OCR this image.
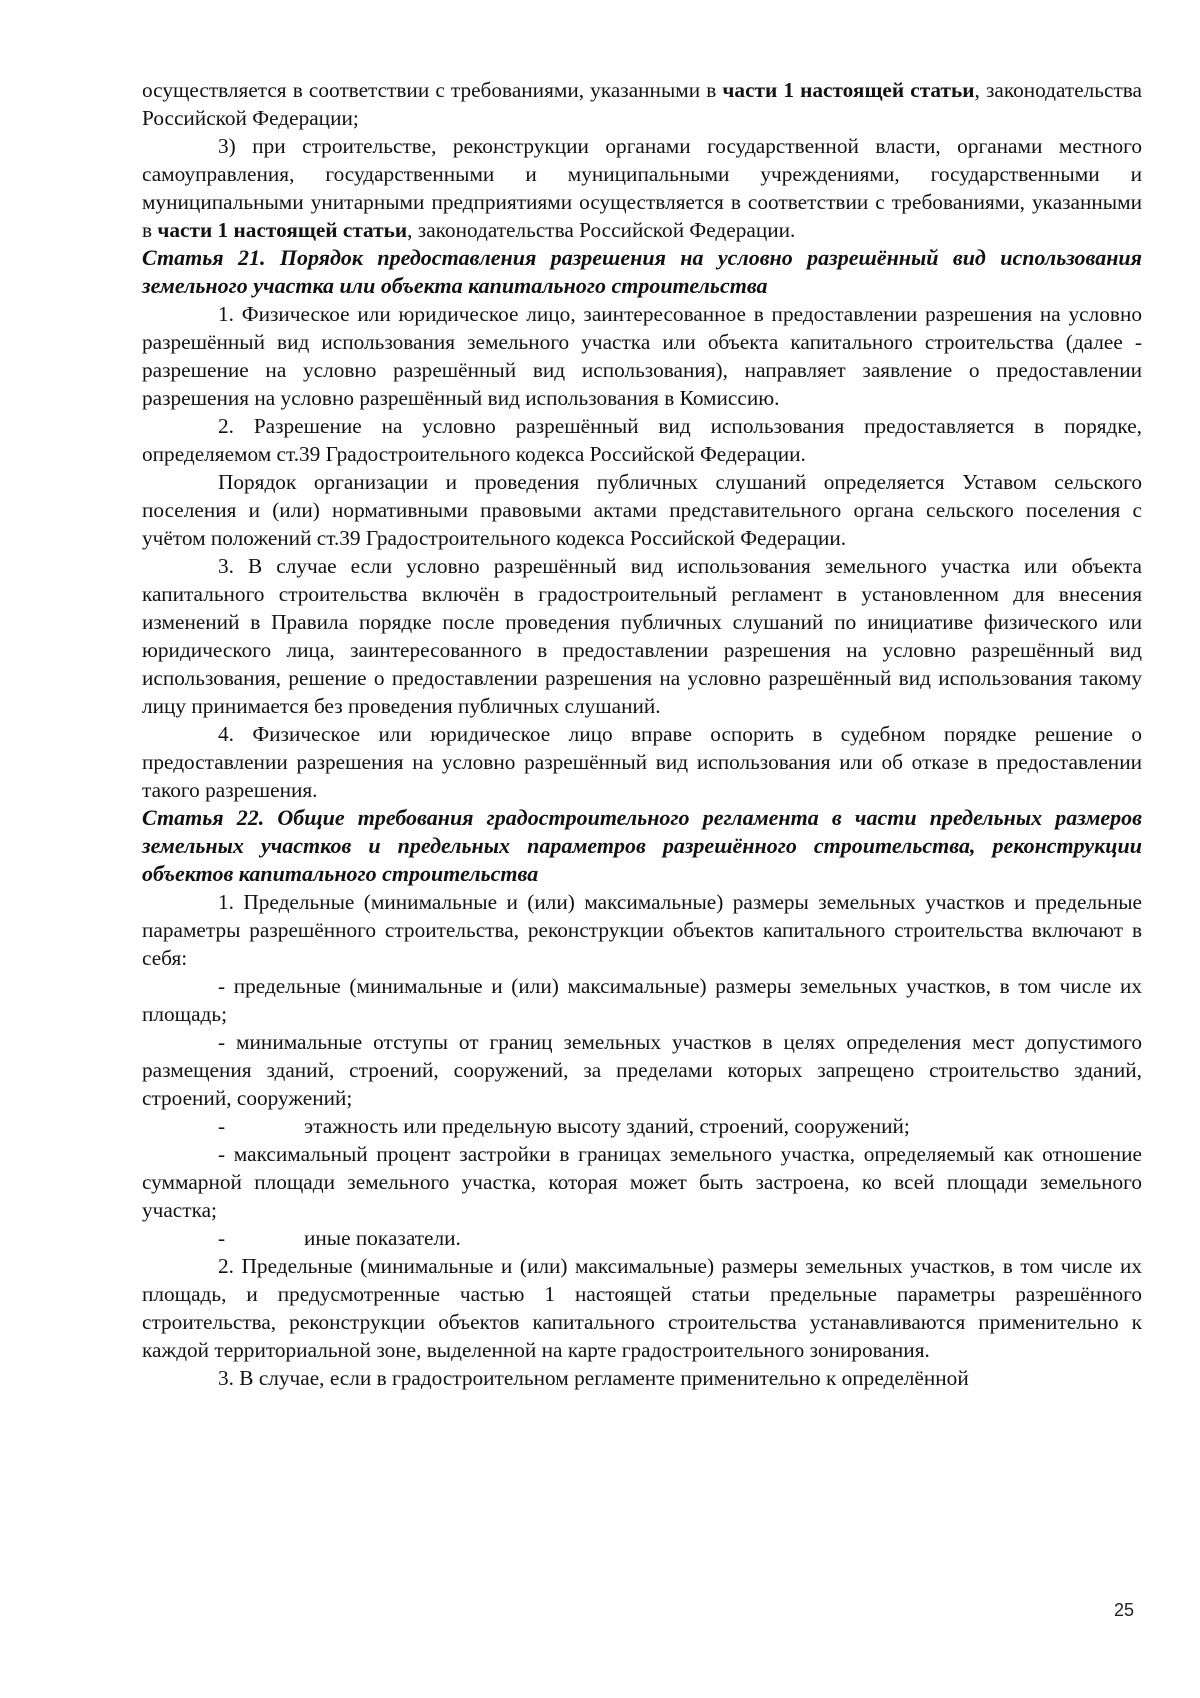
осуществляется в соответствии с требованиями, указанными в части 1 настоящей статьи, законодательства Российской Федерации;

3) при строительстве, реконструкции органами государственной власти, органами местного самоуправления, государственными и муниципальными учреждениями, государственными и муниципальными унитарными предприятиями осуществляется в соответствии с требованиями, указанными в части 1 настоящей статьи, законодательства Российской Федерации.

Статья 21. Порядок предоставления разрешения на условно разрешённый вид использования земельного участка или объекта капитального строительства

1. Физическое или юридическое лицо, заинтересованное в предоставлении разрешения на условно разрешённый вид использования земельного участка или объекта капитального строительства (далее - разрешение на условно разрешённый вид использования), направляет заявление о предоставлении разрешения на условно разрешённый вид использования в Комиссию.

2. Разрешение на условно разрешённый вид использования предоставляется в порядке, определяемом ст.39 Градостроительного кодекса Российской Федерации.

Порядок организации и проведения публичных слушаний определяется Уставом сельского поселения и (или) нормативными правовыми актами представительного органа сельского поселения с учётом положений ст.39 Градостроительного кодекса Российской Федерации.

3. В случае если условно разрешённый вид использования земельного участка или объекта капитального строительства включён в градостроительный регламент в установленном для внесения изменений в Правила порядке после проведения публичных слушаний по инициативе физического или юридического лица, заинтересованного в предоставлении разрешения на условно разрешённый вид использования, решение о предоставлении разрешения на условно разрешённый вид использования такому лицу принимается без проведения публичных слушаний.

4. Физическое или юридическое лицо вправе оспорить в судебном порядке решение о предоставлении разрешения на условно разрешённый вид использования или об отказе в предоставлении такого разрешения.

Статья 22. Общие требования градостроительного регламента в части предельных размеров земельных участков и предельных параметров разрешённого строительства, реконструкции объектов капитального строительства

1. Предельные (минимальные и (или) максимальные) размеры земельных участков и предельные параметры разрешённого строительства, реконструкции объектов капитального строительства включают в себя:

- предельные (минимальные и (или) максимальные) размеры земельных участков, в том числе их площадь;

- минимальные отступы от границ земельных участков в целях определения мест допустимого размещения зданий, строений, сооружений, за пределами которых запрещено строительство зданий, строений, сооружений;

-	этажность или предельную высоту зданий, строений, сооружений;

- максимальный процент застройки в границах земельного участка, определяемый как отношение суммарной площади земельного участка, которая может быть застроена, ко всей площади земельного участка;

-	иные показатели.

2. Предельные (минимальные и (или) максимальные) размеры земельных участков, в том числе их площадь, и предусмотренные частью 1 настоящей статьи предельные параметры разрешённого строительства, реконструкции объектов капитального строительства устанавливаются применительно к каждой территориальной зоне, выделенной на карте градостроительного зонирования.

3. В случае, если в градостроительном регламенте применительно к определённой

25
